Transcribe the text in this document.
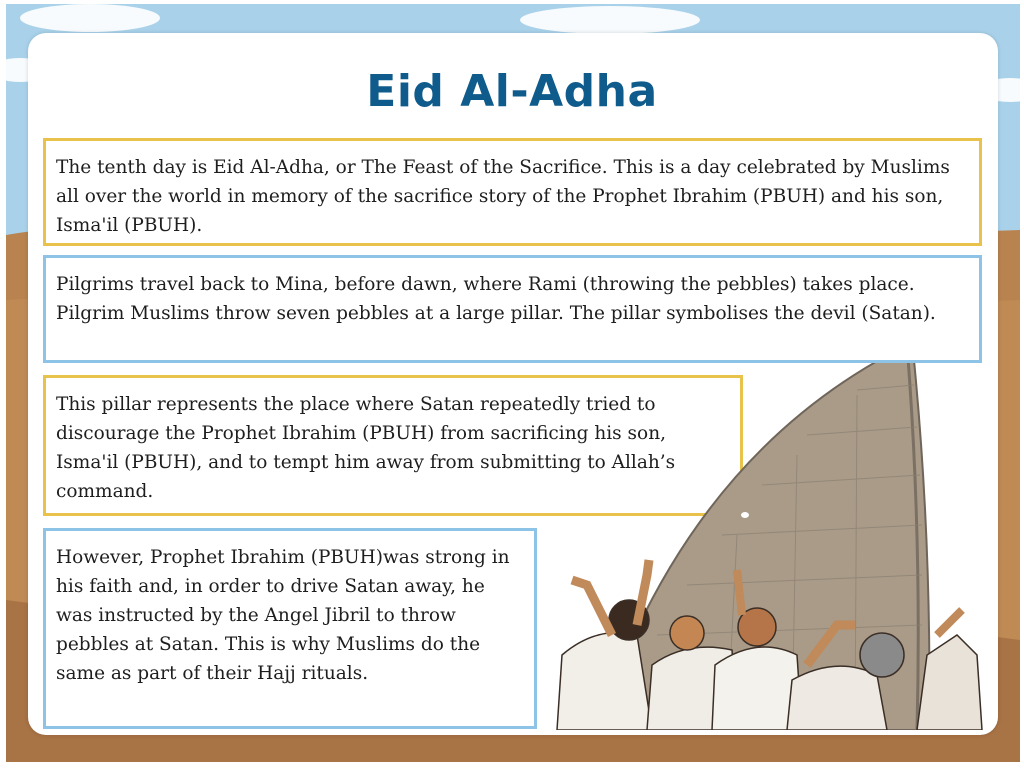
Eid Al-Adha

The tenth day is Eid Al-Adha, or The Feast of the Sacrifice. This is a day celebrated by Muslims all over the world in memory of the sacrifice story of the Prophet Ibrahim (PBUH) and his son, Isma'il (PBUH).

Pilgrims travel back to Mina, before dawn, where Rami (throwing the pebbles) takes place. Pilgrim Muslims throw seven pebbles at a large pillar. The pillar symbolises the devil (Satan).

This pillar represents the place where Satan repeatedly tried to discourage the Prophet Ibrahim (PBUH) from sacrificing his son, Isma'il (PBUH), and to tempt him away from submitting to Allah’s command.

However, Prophet Ibrahim (PBUH)was strong in his faith and, in order to drive Satan away, he was instructed by the Angel Jibril to throw pebbles at Satan. This is why Muslims do the same as part of their Hajj rituals.
